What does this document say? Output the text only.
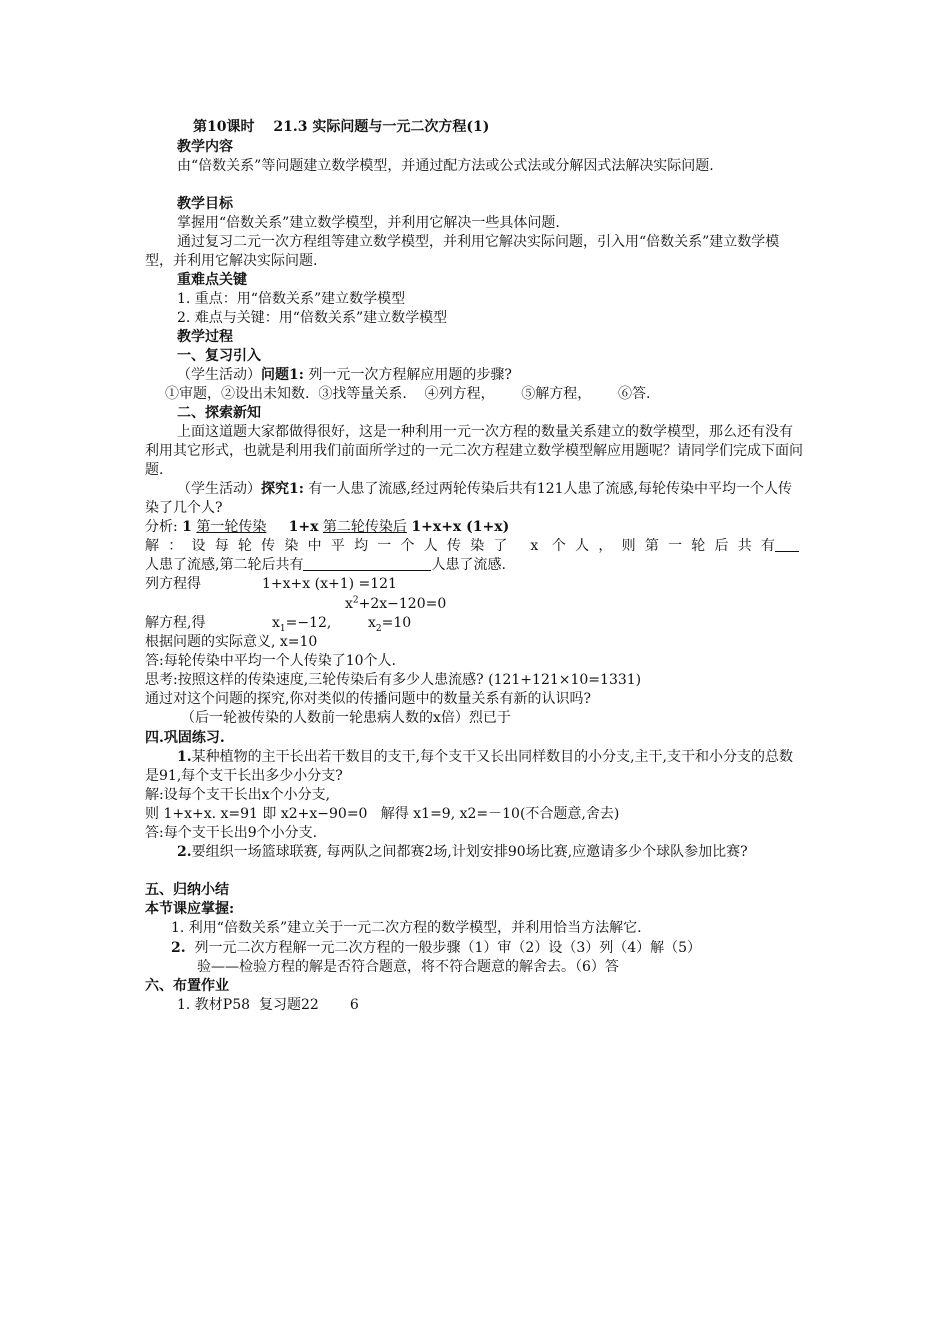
第10课时　 21.3 实际问题与一元二次方程(1)
教学内容
由“倍数关系”等问题建立数学模型，并通过配方法或公式法或分解因式法解决实际问题.
教学目标
掌握用“倍数关系”建立数学模型，并利用它解决一些具体问题.
通过复习二元一次方程组等建立数学模型，并利用它解决实际问题，引入用“倍数关系”建立数学模型，并利用它解决实际问题.
重难点关键
1. 重点：用“倍数关系”建立数学模型
2. 难点与关键：用“倍数关系”建立数学模型
教学过程
一、复习引入
（学生活动）问题1: 列一元一次方程解应用题的步骤?
①审题，②设出未知数.  ③找等量关系.    ④列方程，      ⑤解方程，      ⑥答.
二、探索新知
上面这道题大家都做得很好，这是一种利用一元一次方程的数量关系建立的数学模型，那么还有没有利用其它形式，也就是利用我们前面所学过的一元二次方程建立数学模型解应用题呢？请同学们完成下面问题.
（学生活动）探究1: 有一人患了流感,经过两轮传染后共有121人患了流感,每轮传染中平均一个人传染了几个人?
分析: 1 第一轮传染 1+x 第二轮传染后 1+x+x (1+x)
解：设每轮传染中平均一个人传染了 x 个人，则第一轮后共有
人患了流感,第二轮后共有	人患了流感.
列方程得	1+x+x (x+1) =121
$x^2+2x-120=0$
解方程,得	$x_1=-12$,	$x_2=10$
根据问题的实际意义, x=10
答:每轮传染中平均一个人传染了10个人.
思考:按照这样的传染速度,三轮传染后有多少人患流感? (121+121×10=1331)
通过对这个问题的探究,你对类似的传播问题中的数量关系有新的认识吗?
（后一轮被传染的人数前一轮患病人数的x倍）烈已于
四.巩固练习.
1.某种植物的主干长出若干数目的支干,每个支干又长出同样数目的小分支,主干,支干和小分支的总数是91,每个支干长出多少小分支?
解:设每个支干长出x个小分支,
则 1+x+x. x=91 即 x2+x−90=0   解得 x1=9, x2=－10(不合题意,舍去)
答:每个支干长出9个小分支.
2.要组织一场篮球联赛, 每两队之间都赛2场,计划安排90场比赛,应邀请多少个球队参加比赛?
五、归纳小结
本节课应掌握:
1. 利用“倍数关系”建立关于一元二次方程的数学模型，并利用恰当方法解它.
2.  列一元二次方程解一元二次方程的一般步骤（1）审（2）设（3）列（4）解（5）
验——检验方程的解是否符合题意，将不符合题意的解舍去。（6）答
六、布置作业
1. 教材P58  复习题22       6
